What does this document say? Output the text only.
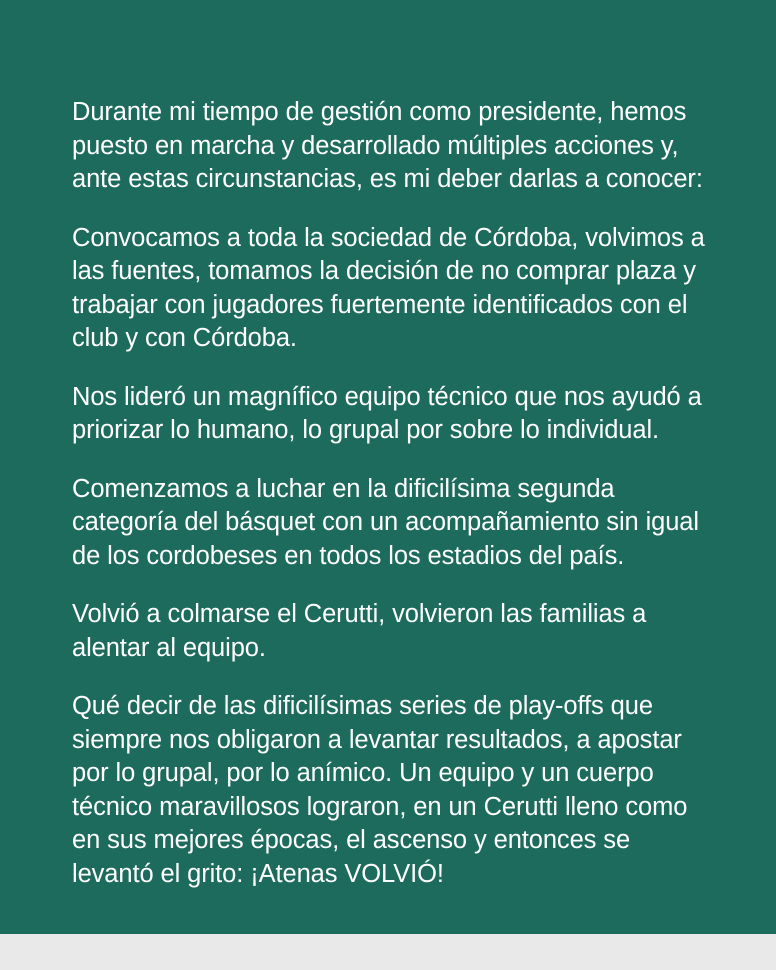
Durante mi tiempo de gestión como presidente, hemos puesto en marcha y desarrollado múltiples acciones y, ante estas circunstancias, es mi deber darlas a conocer:

Convocamos a toda la sociedad de Córdoba, volvimos a las fuentes, tomamos la decisión de no comprar plaza y trabajar con jugadores fuertemente identificados con el club y con Córdoba.

Nos lideró un magnífico equipo técnico que nos ayudó a priorizar lo humano, lo grupal por sobre lo individual.

Comenzamos a luchar en la dificilísima segunda categoría del básquet con un acompañamiento sin igual de los cordobeses en todos los estadios del país.

Volvió a colmarse el Cerutti, volvieron las familias a alentar al equipo.

Qué decir de las dificilísimas series de play-offs que siempre nos obligaron a levantar resultados, a apostar por lo grupal, por lo anímico. Un equipo y un cuerpo técnico maravillosos lograron, en un Cerutti lleno como en sus mejores épocas, el ascenso y entonces se levantó el grito: ¡Atenas VOLVIÓ!
